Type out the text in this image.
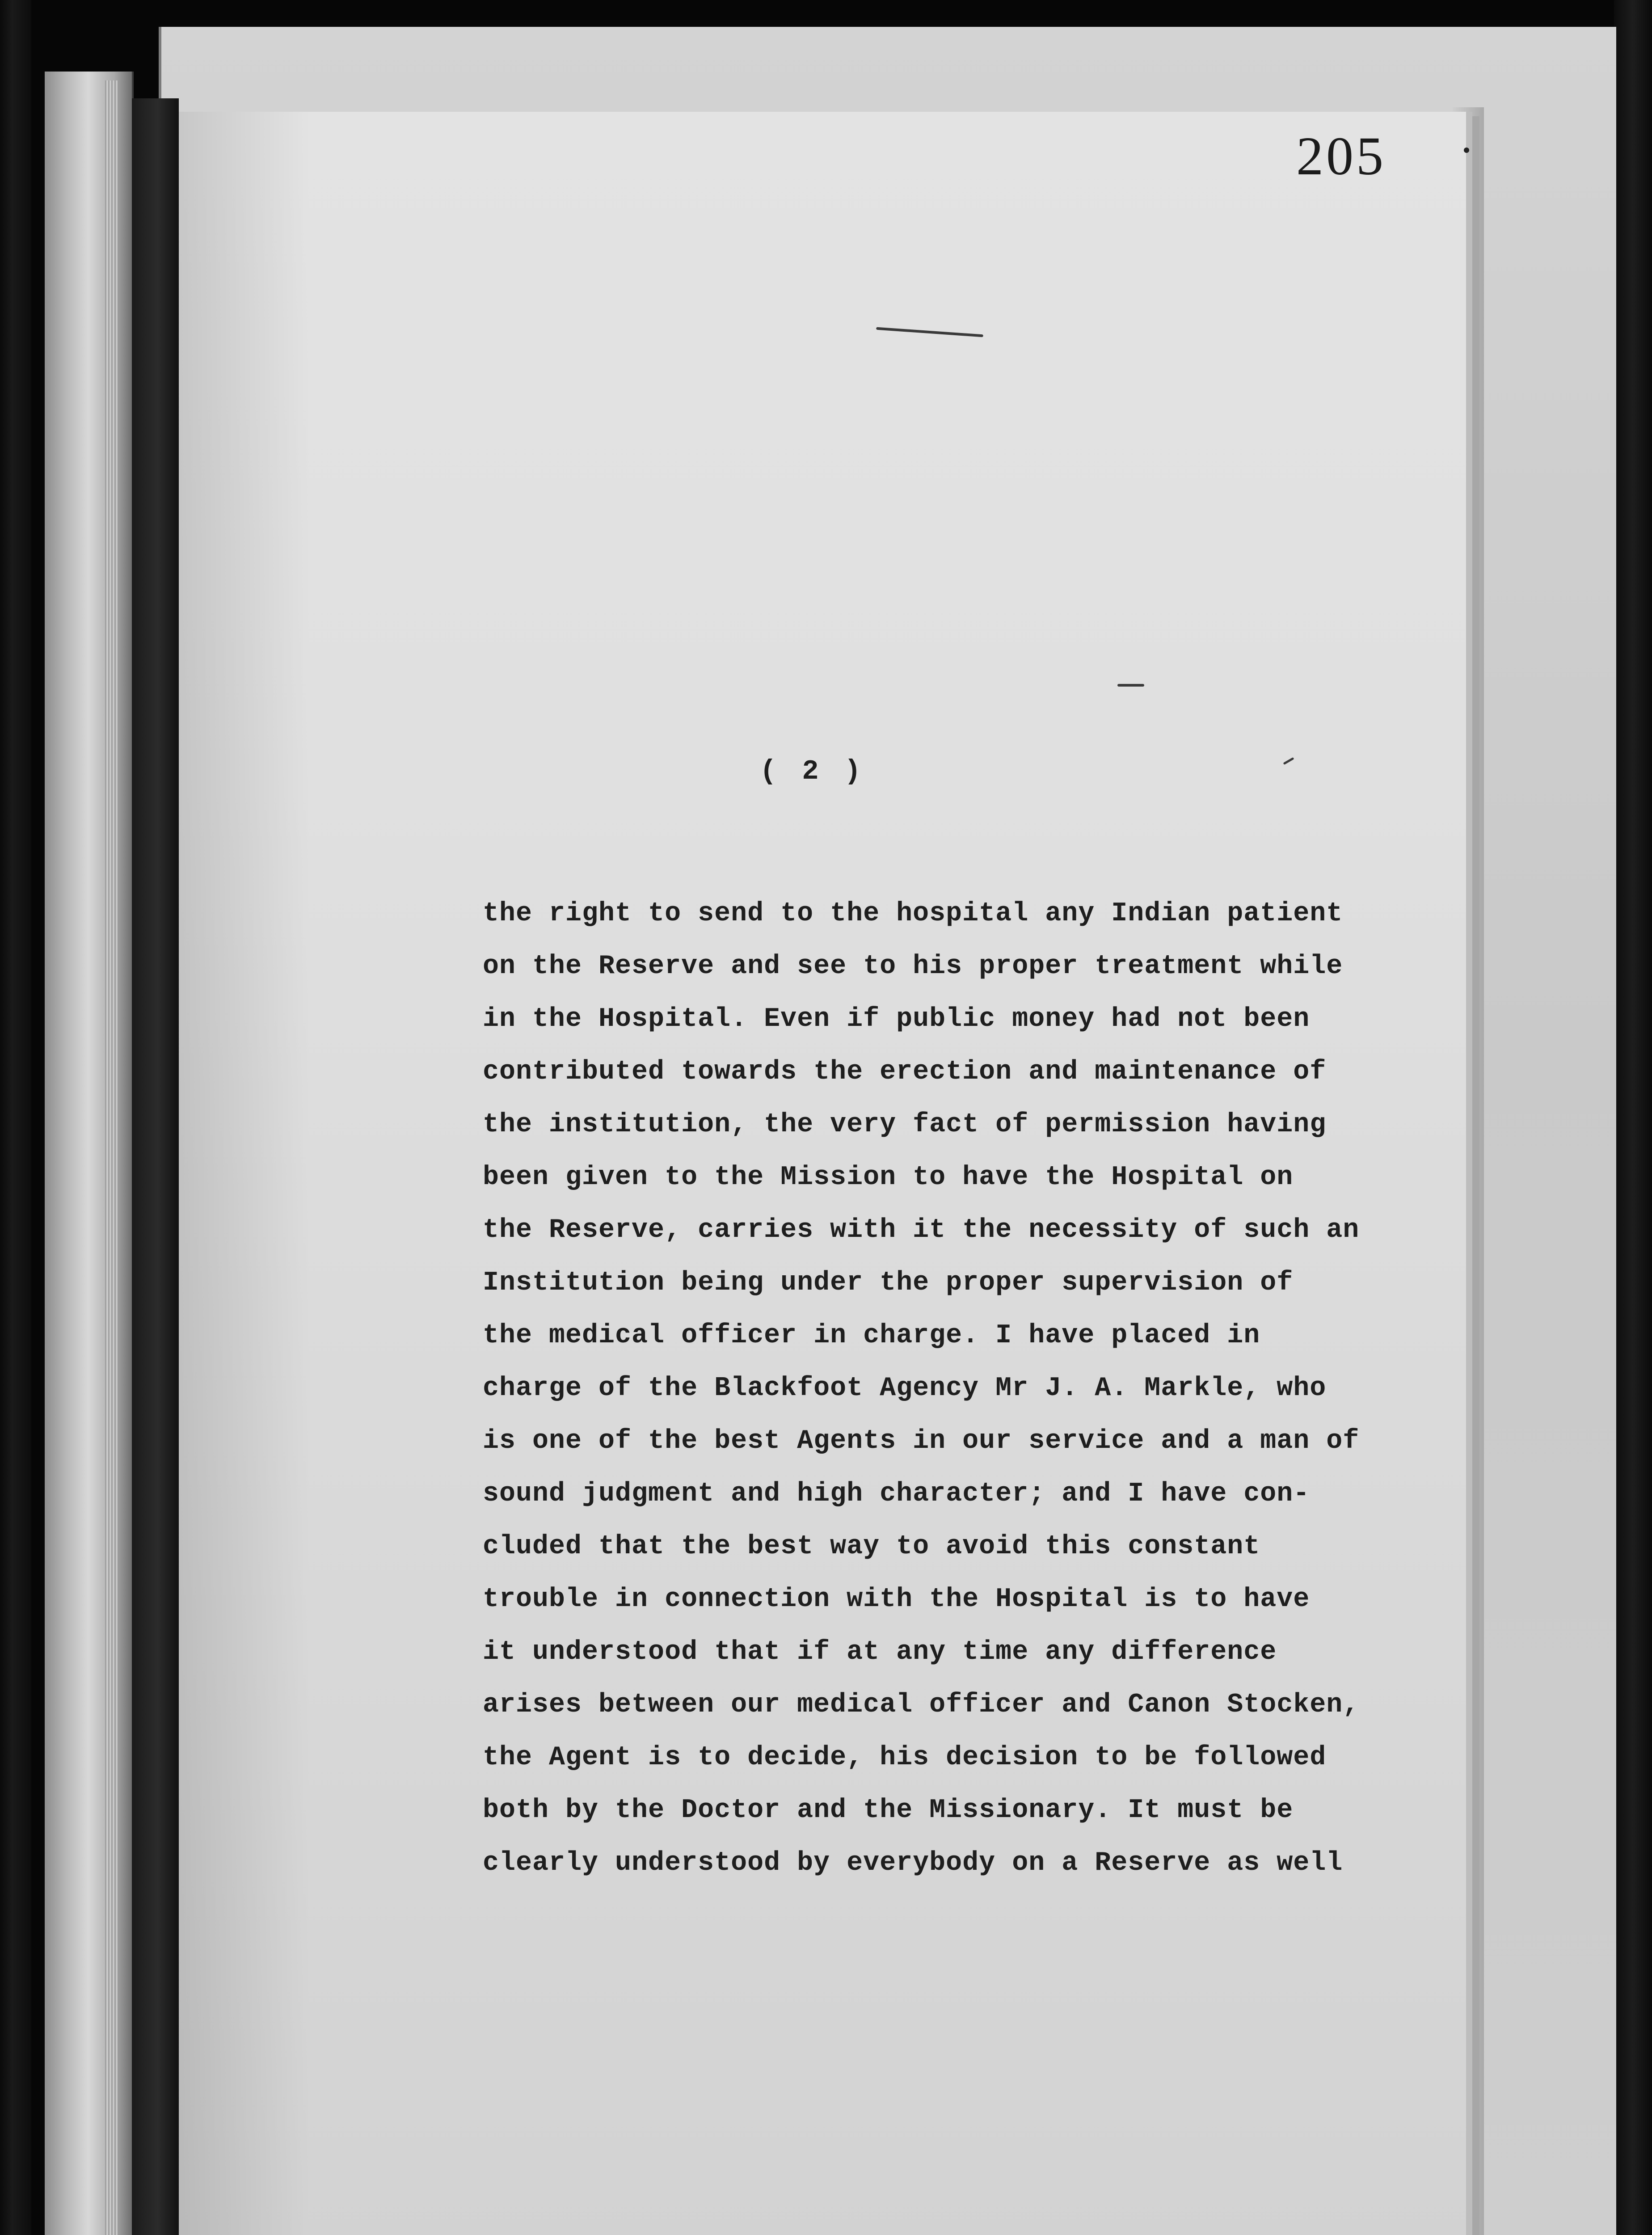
205
( 2 )
the right to send to the hospital any Indian patient
on the Reserve and see to his proper treatment while
in the Hospital. Even if public money had not been
contributed towards the erection and maintenance of
the institution, the very fact of permission having
been given to the Mission to have the Hospital on
the Reserve, carries with it the necessity of such an
Institution being under the proper supervision of
the medical officer in charge. I have placed in
charge of the Blackfoot Agency Mr J. A. Markle, who
is one of the best Agents in our service and a man of
sound judgment and high character; and I have con-
cluded that the best way to avoid this constant
trouble in connection with the Hospital is to have
it understood that if at any time any difference
arises between our medical officer and Canon Stocken,
the Agent is to decide, his decision to be followed
both by the Doctor and the Missionary. It must be
clearly understood by everybody on a Reserve as well
